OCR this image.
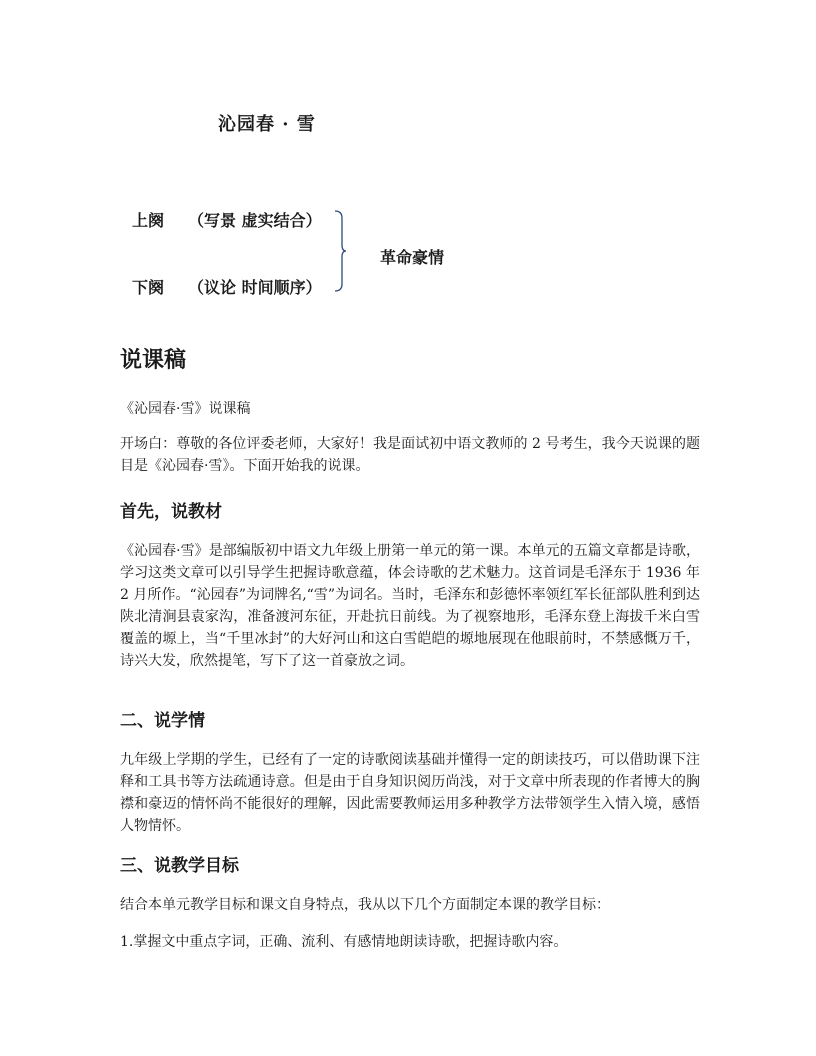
沁园春 · 雪
上阕 （写景 虚实结合）
下阕 （议论 时间顺序）
革命豪情
说课稿
《沁园春·雪》说课稿
开场白：尊敬的各位评委老师，大家好！我是面试初中语文教师的 2 号考生，我今天说课的题目是《沁园春·雪》。下面开始我的说课。
首先，说教材
《沁园春·雪》是部编版初中语文九年级上册第一单元的第一课。本单元的五篇文章都是诗歌，学习这类文章可以引导学生把握诗歌意蕴，体会诗歌的艺术魅力。这首词是毛泽东于 1936 年 2 月所作。“沁园春”为词牌名,“雪”为词名。当时，毛泽东和彭德怀率领红军长征部队胜利到达陕北清涧县袁家沟，准备渡河东征，开赴抗日前线。为了视察地形，毛泽东登上海拔千米白雪覆盖的塬上，当“千里冰封”的大好河山和这白雪皑皑的塬地展现在他眼前时，不禁感慨万千，诗兴大发，欣然提笔，写下了这一首豪放之词。
二、说学情
九年级上学期的学生，已经有了一定的诗歌阅读基础并懂得一定的朗读技巧，可以借助课下注释和工具书等方法疏通诗意。但是由于自身知识阅历尚浅，对于文章中所表现的作者博大的胸襟和豪迈的情怀尚不能很好的理解，因此需要教师运用多种教学方法带领学生入情入境，感悟人物情怀。
三、说教学目标
结合本单元教学目标和课文自身特点，我从以下几个方面制定本课的教学目标：
1.掌握文中重点字词，正确、流利、有感情地朗读诗歌，把握诗歌内容。
